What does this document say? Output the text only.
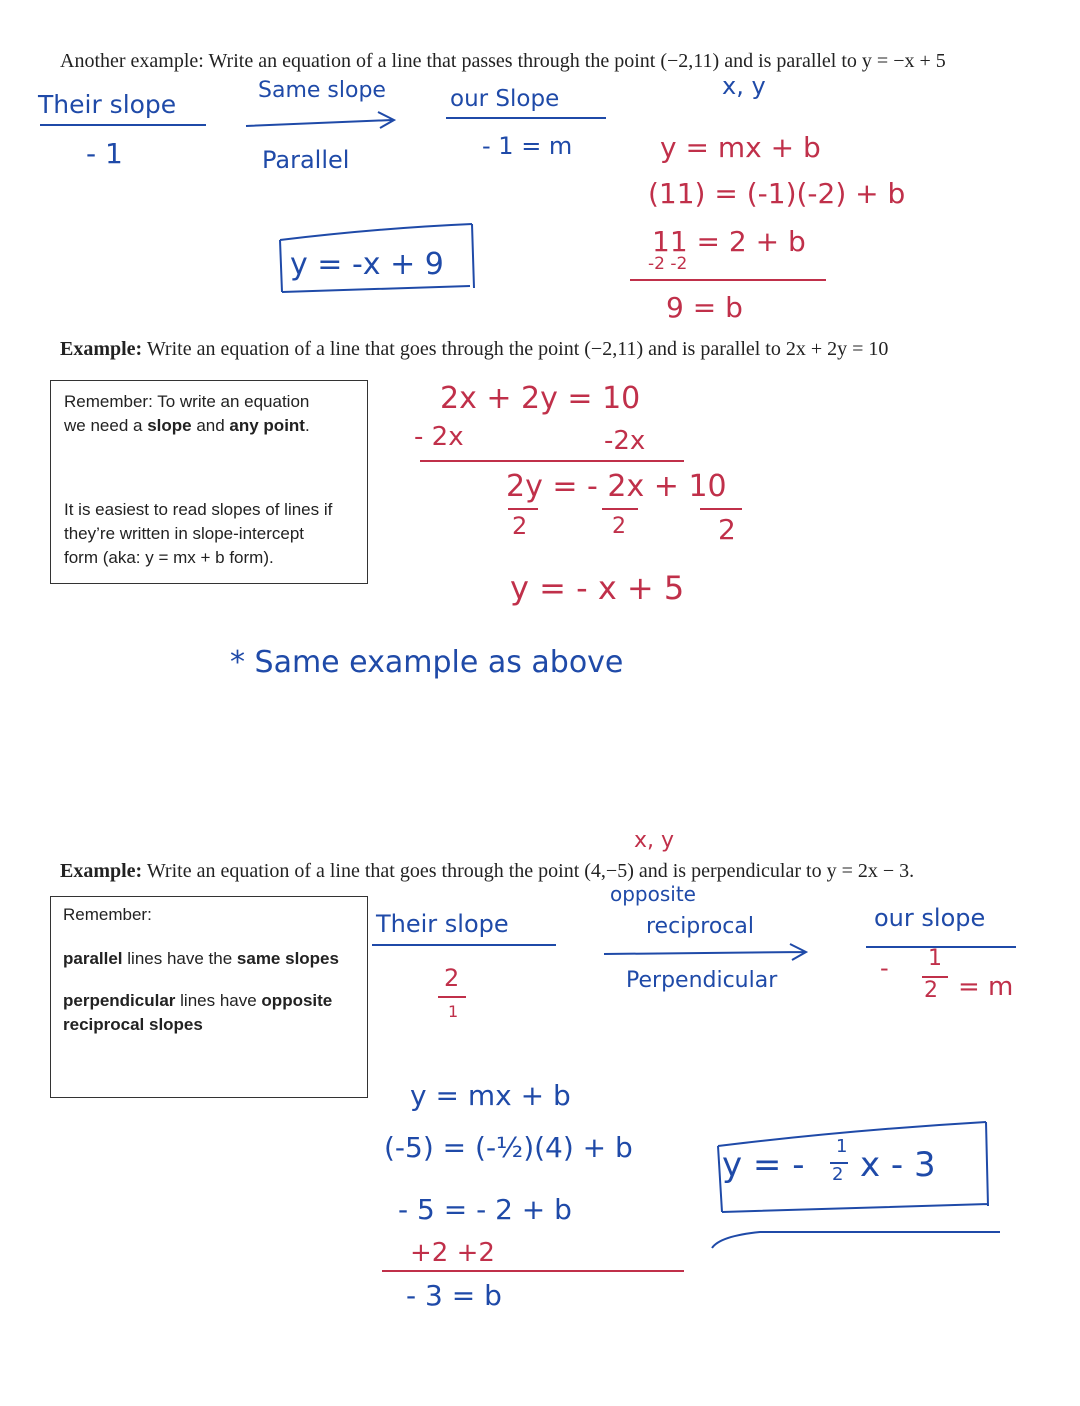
Another example: Write an equation of a line that passes through the point (−2,11) and is parallel to y = −x + 5
x, y
Their slope
- 1
Same slope
Parallel
our Slope
- 1 = m	y = mx + b
(11) = (-1)(-2) + b
11 = 2 + b
-2 -2
9 = b
y = -x + 9
Example: Write an equation of a line that goes through the point (−2,11) and is parallel to 2x + 2y = 10
Remember: To write an equation
we need a slope and any point.
It is easiest to read slopes of lines if
they’re written in slope-intercept
form (aka: y = mx + b form).
2x + 2y = 10
- 2x	-2x
2y = - 2x + 10
2	2	2
y = - x + 5
* Same example as above
x, y
Example: Write an equation of a line that goes through the point (4,−5) and is perpendicular to y = 2x − 3.
Remember:
parallel lines have the same slopes
perpendicular lines have opposite
reciprocal slopes
Their slope
2
1
opposite
reciprocal
Perpendicular
our slope
- 1
2 = m
y = mx + b
(-5) = (-½)(4) + b
- 5 = - 2 + b
+2 +2
- 3 = b
y = - 1
2 x - 3
